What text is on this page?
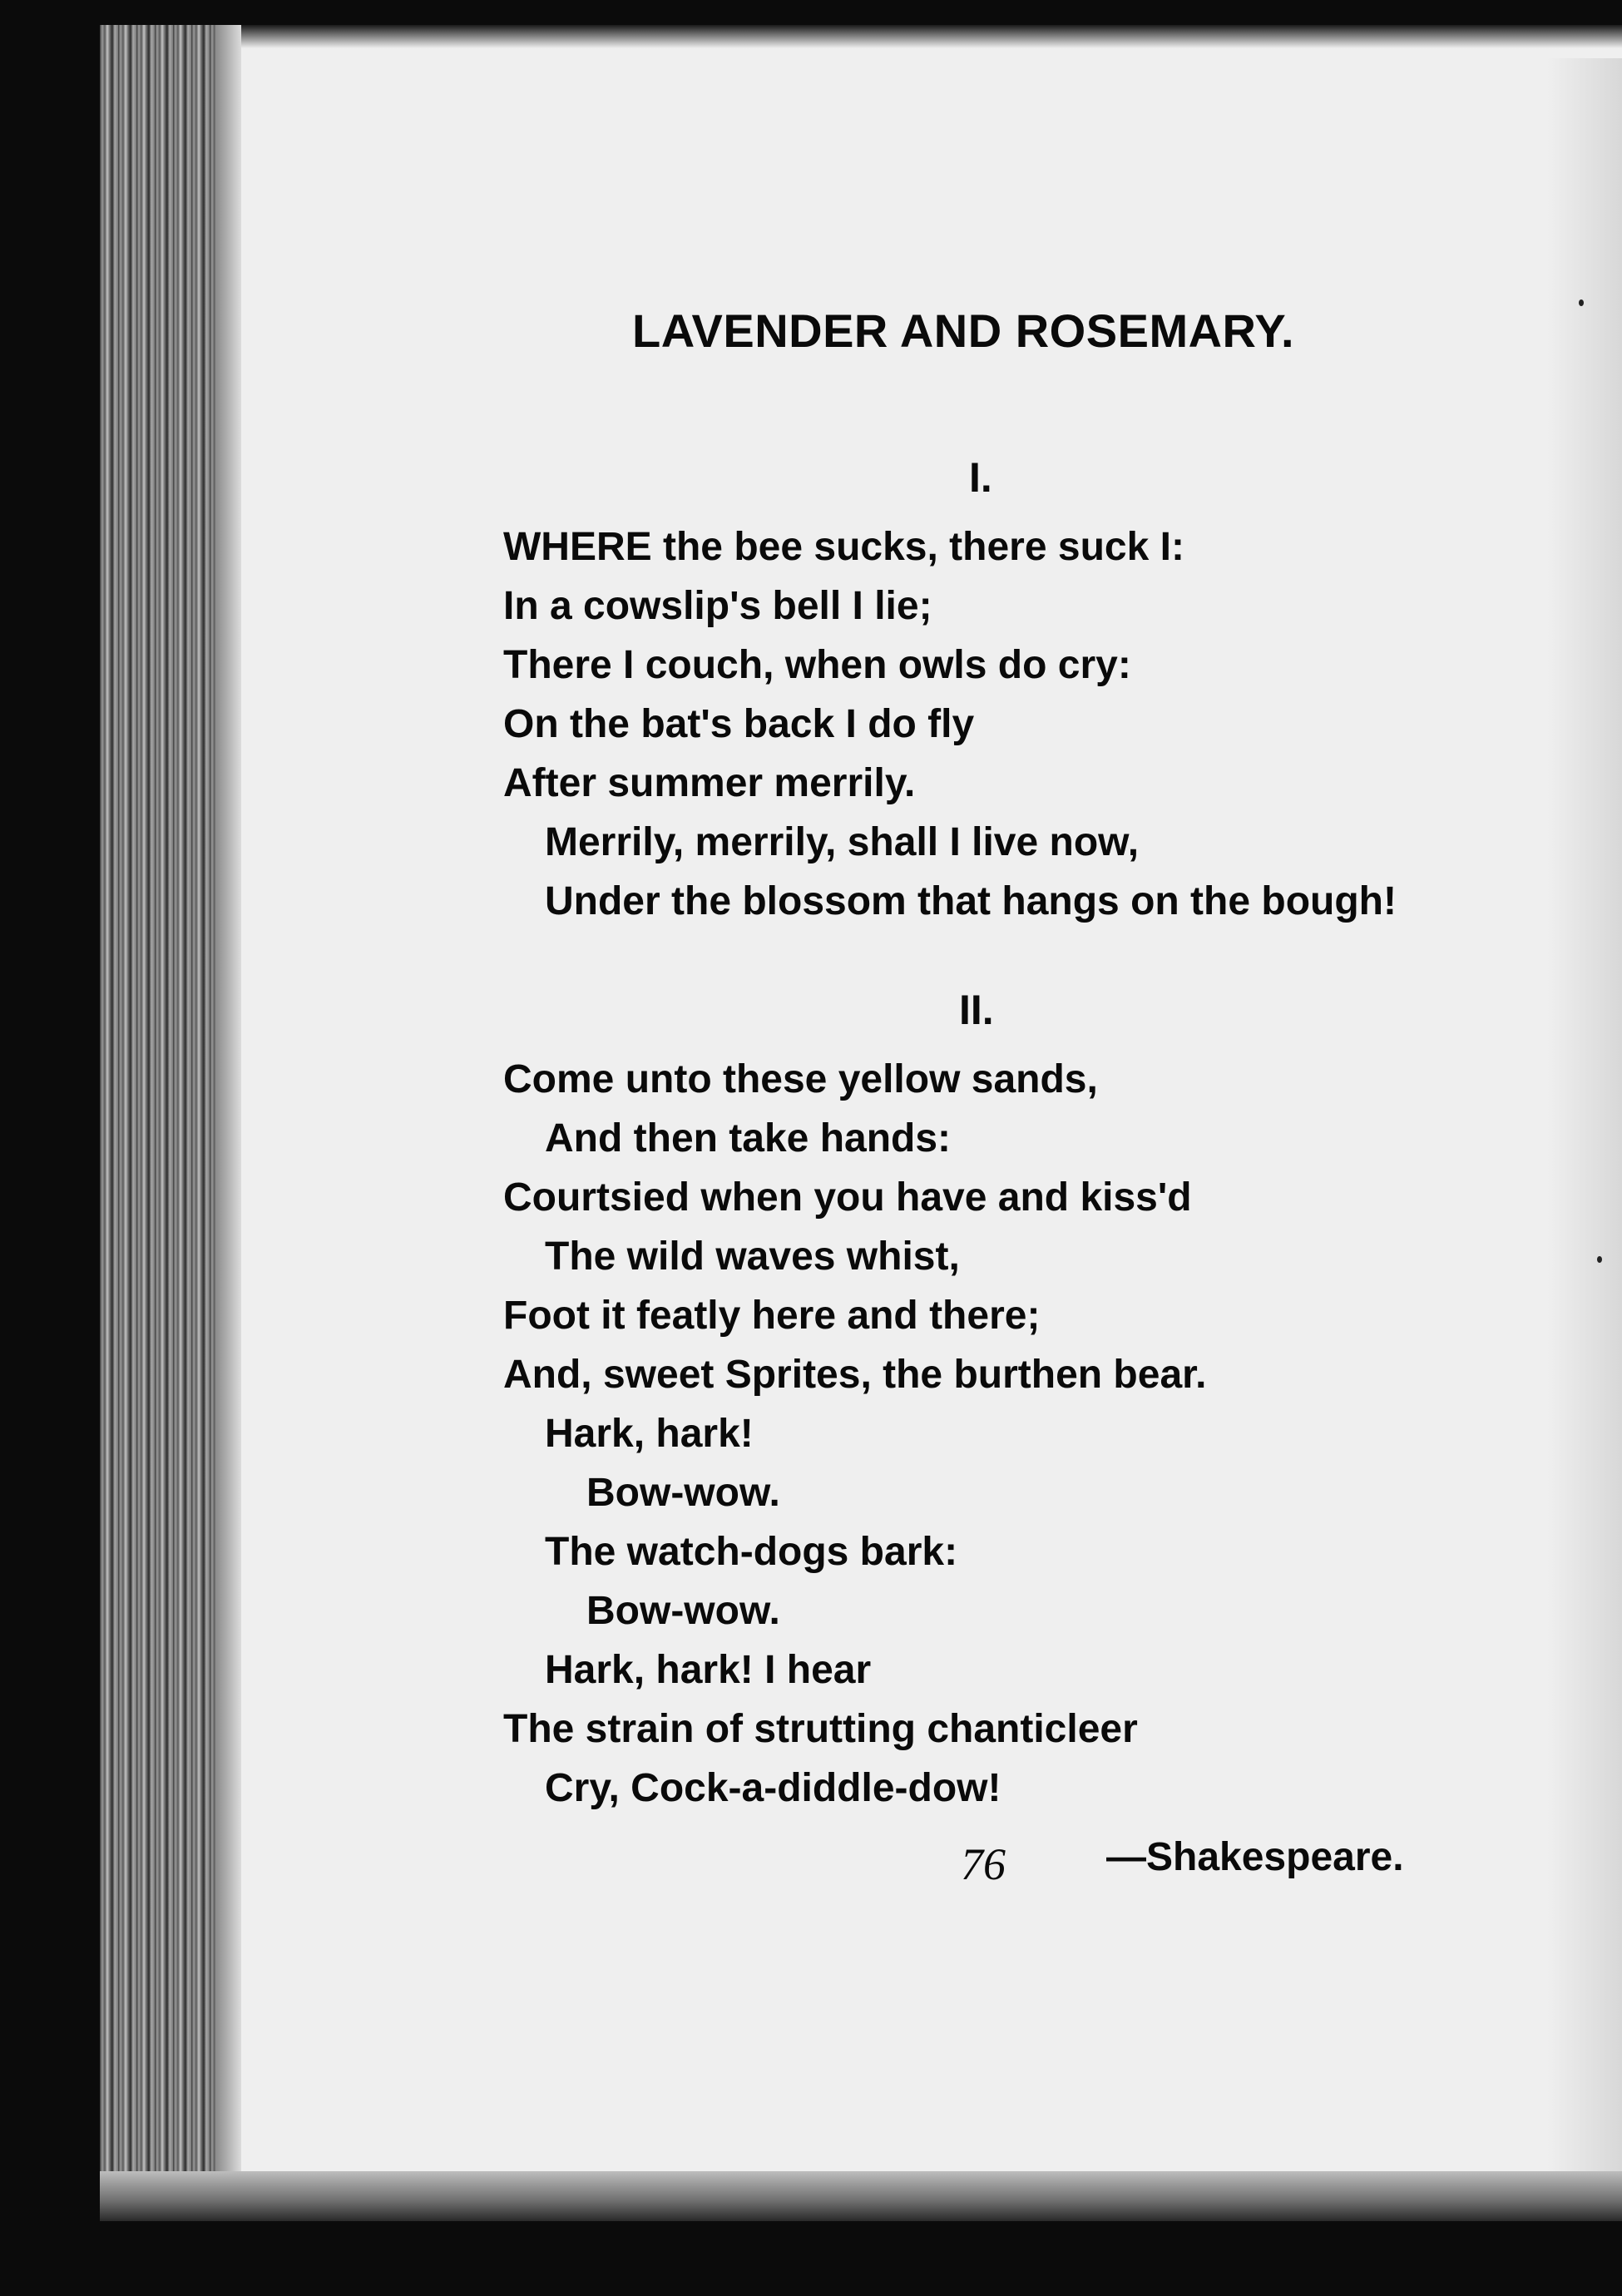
LAVENDER AND ROSEMARY.
I.
WHERE the bee sucks, there suck I:
In a cowslip's bell I lie;
There I couch, when owls do cry:
On the bat's back I do fly
After summer merrily.
Merrily, merrily, shall I live now,
Under the blossom that hangs on the bough!
II.
Come unto these yellow sands,
And then take hands:
Courtsied when you have and kiss'd
The wild waves whist,
Foot it featly here and there;
And, sweet Sprites, the burthen bear.
Hark, hark!
Bow-wow.
The watch-dogs bark:
Bow-wow.
Hark, hark! I hear
The strain of strutting chanticleer
Cry, Cock-a-diddle-dow!
76	—Shakespeare.
